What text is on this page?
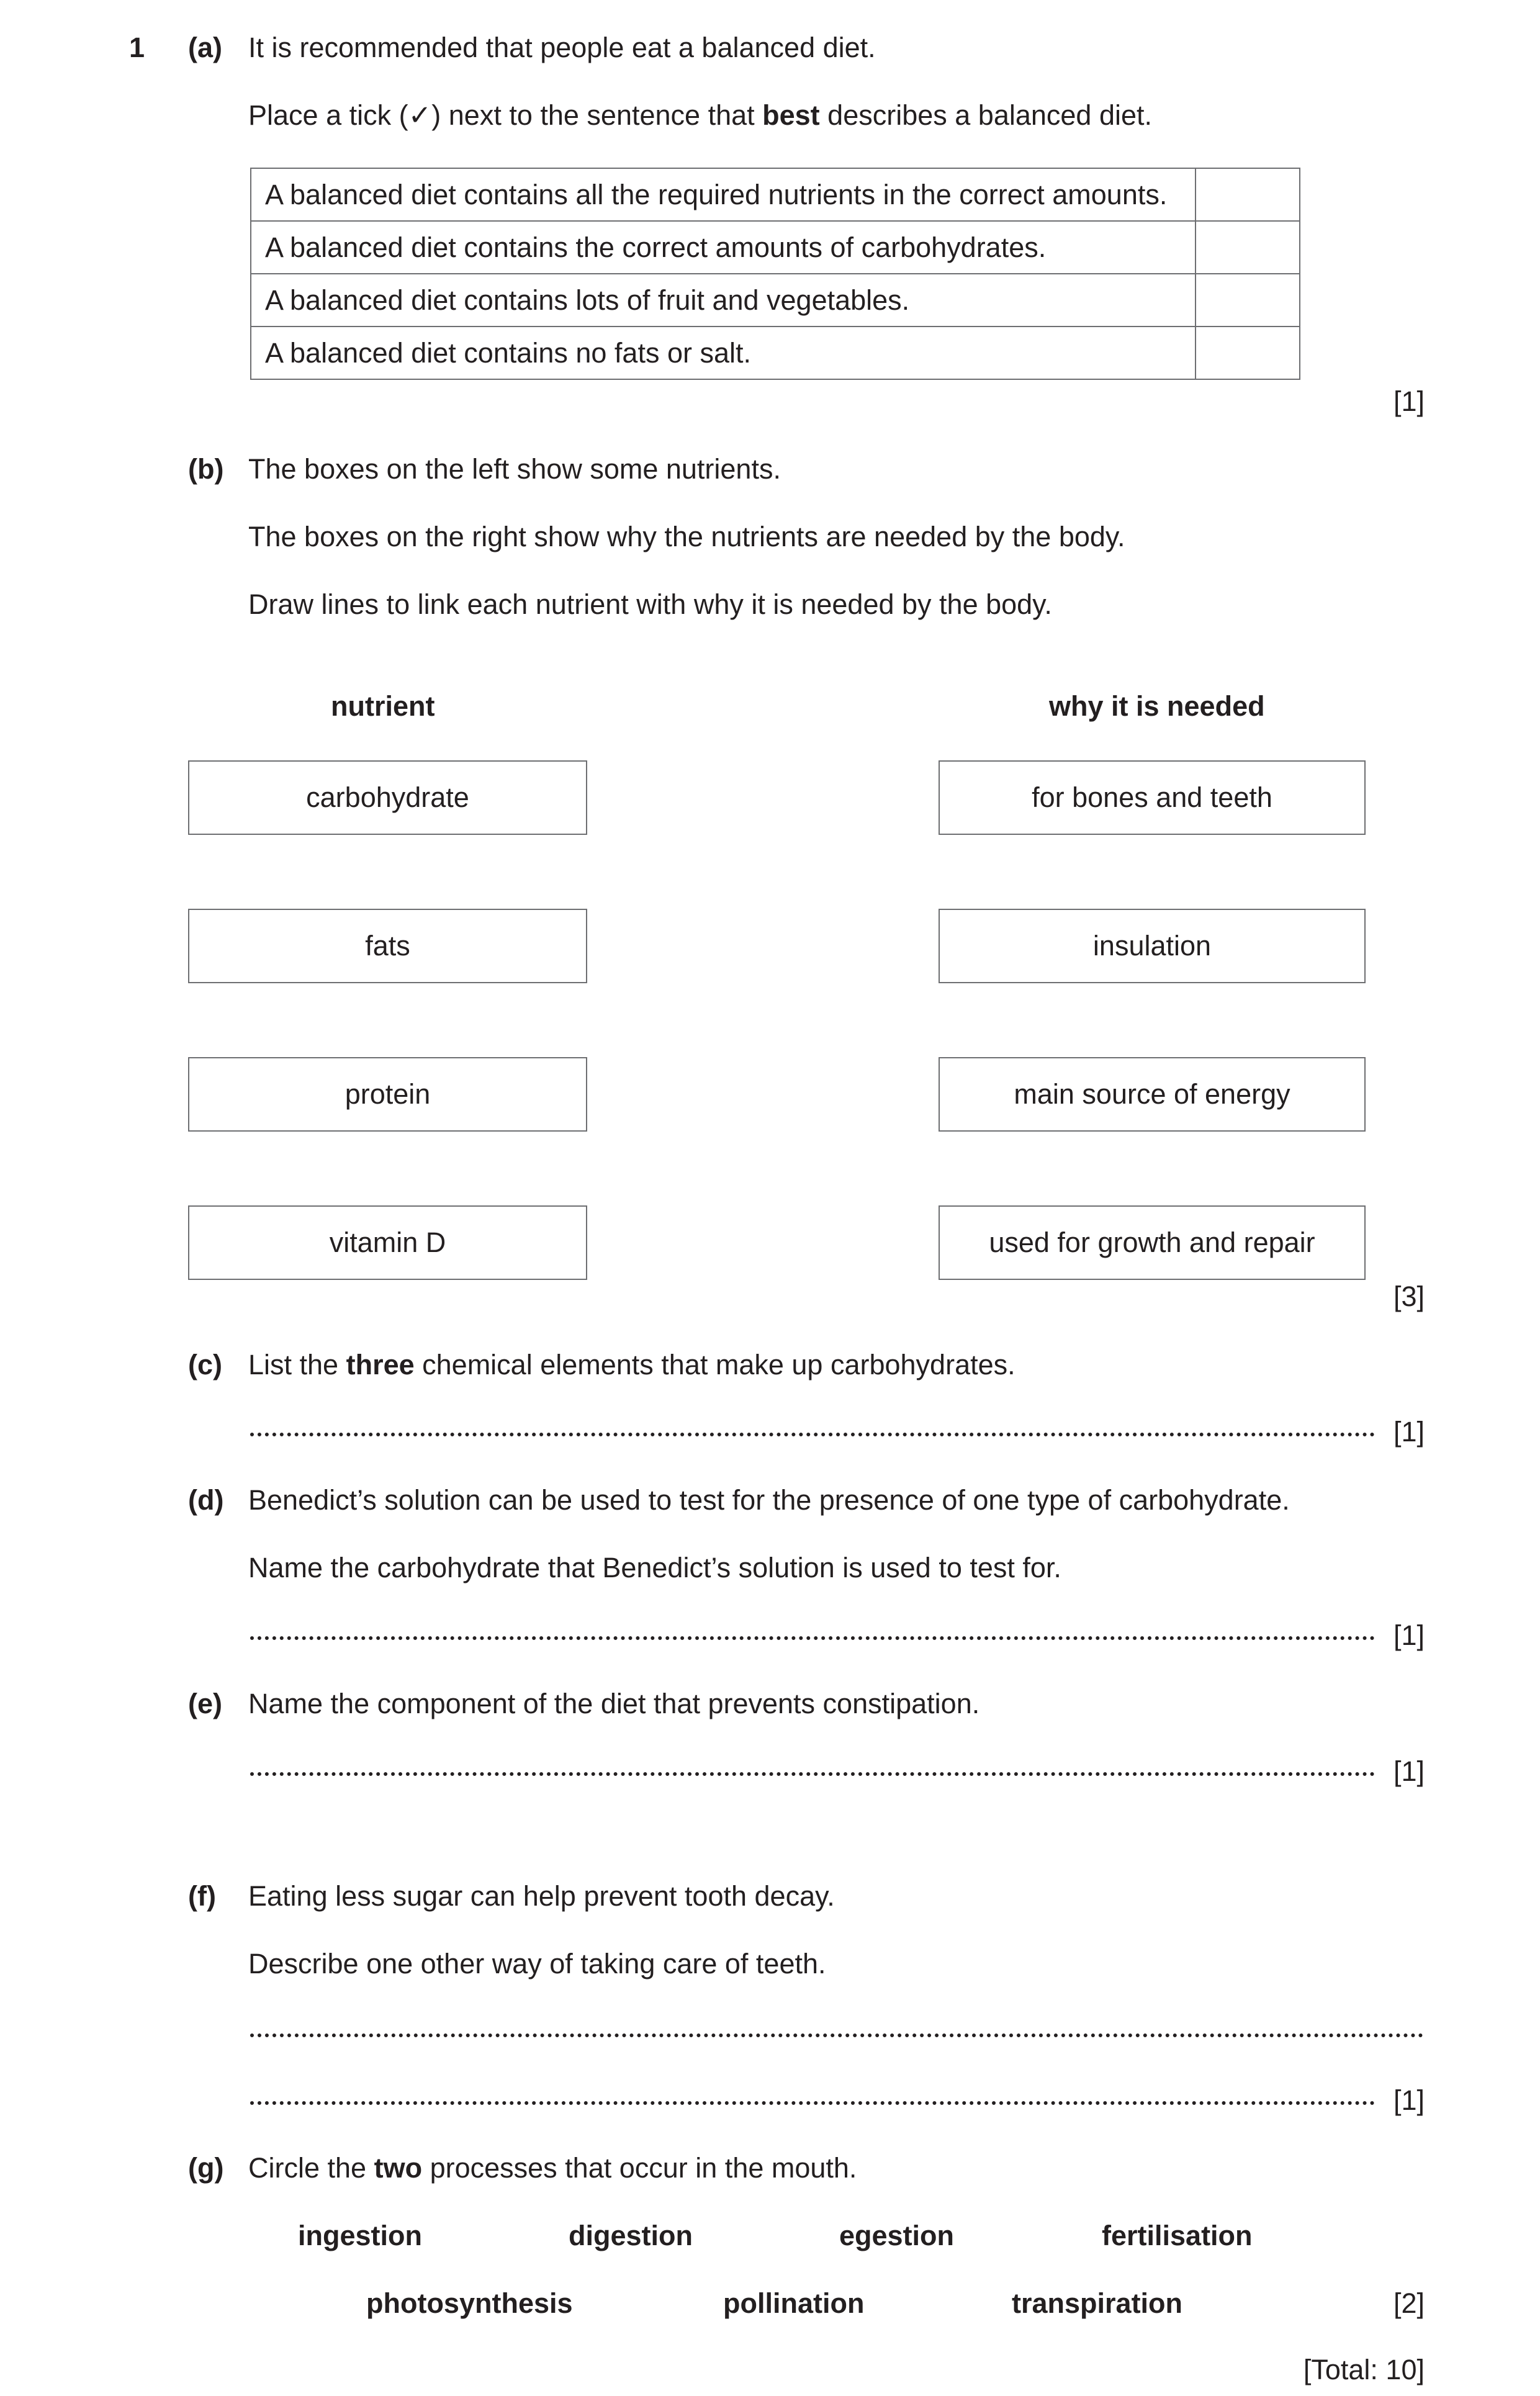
1 (a) It is recommended that people eat a balanced diet.
Place a tick (✓) next to the sentence that best describes a balanced diet.
A balanced diet contains all the required nutrients in the correct amounts.	
A balanced diet contains the correct amounts of carbohydrates.	
A balanced diet contains lots of fruit and vegetables.	
A balanced diet contains no fats or salt.	
[1]
(b) The boxes on the left show some nutrients.
The boxes on the right show why the nutrients are needed by the body.
Draw lines to link each nutrient with why it is needed by the body.
nutrient	why it is needed
carbohydrate
fats
protein
vitamin D
for bones and teeth
insulation
main source of energy
used for growth and repair
[3]
(c) List the three chemical elements that make up carbohydrates.
[1]
(d) Benedict’s solution can be used to test for the presence of one type of carbohydrate.
Name the carbohydrate that Benedict’s solution is used to test for.
[1]
(e) Name the component of the diet that prevents constipation.
[1]
(f) Eating less sugar can help prevent tooth decay.
Describe one other way of taking care of teeth.
[1]
(g) Circle the two processes that occur in the mouth.
ingestion	digestion	egestion	fertilisation
photosynthesis	pollination	transpiration	[2]
[Total: 10]
